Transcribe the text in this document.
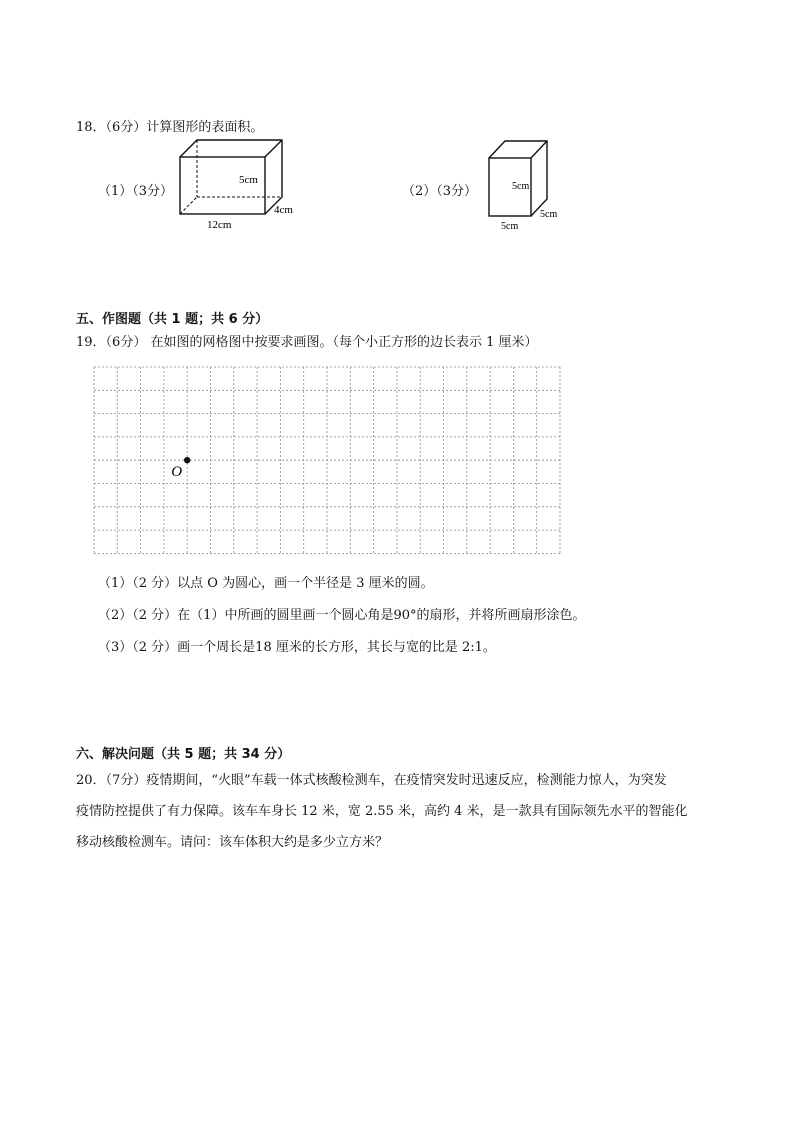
18．（6分）计算图形的表面积。
（1）（3分）
5cm
4cm
12cm
（2）（3分）	5cm
5cm
5cm
五、作图题（共 1 题；共 6 分）
19．（6分） 在如图的网格图中按要求画图。（每个小正方形的边长表示 1 厘米）
O
（1）（2 分）以点 O 为圆心，画一个半径是 3 厘米的圆。
（2）（2 分）在（1）中所画的圆里画一个圆心角是90°的扇形，并将所画扇形涂色。
（3）（2 分）画一个周长是18 厘米的长方形，其长与宽的比是 2:1。
六、解决问题（共 5 题；共 34 分）
20．（7分）疫情期间，“火眼”车载一体式核酸检测车，在疫情突发时迅速反应，检测能力惊人，为突发
疫情防控提供了有力保障。该车车身长 12 米，宽 2.55 米，高约 4 米，是一款具有国际领先水平的智能化
移动核酸检测车。请问：该车体积大约是多少立方米？
